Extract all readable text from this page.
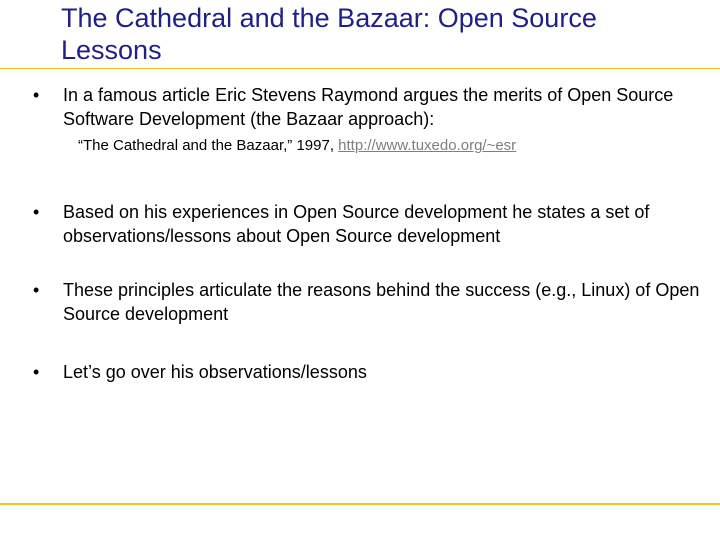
The Cathedral and the Bazaar: Open Source Lessons
•	In a famous article Eric Stevens Raymond argues the merits of Open Source Software Development (the Bazaar approach):
“The Cathedral and the Bazaar,” 1997, http://www.tuxedo.org/~esr
•	Based on his experiences in Open Source development he states a set of observations/lessons about Open Source development
•	These principles articulate the reasons behind the success (e.g., Linux) of Open Source development
•	Let’s go over his observations/lessons
